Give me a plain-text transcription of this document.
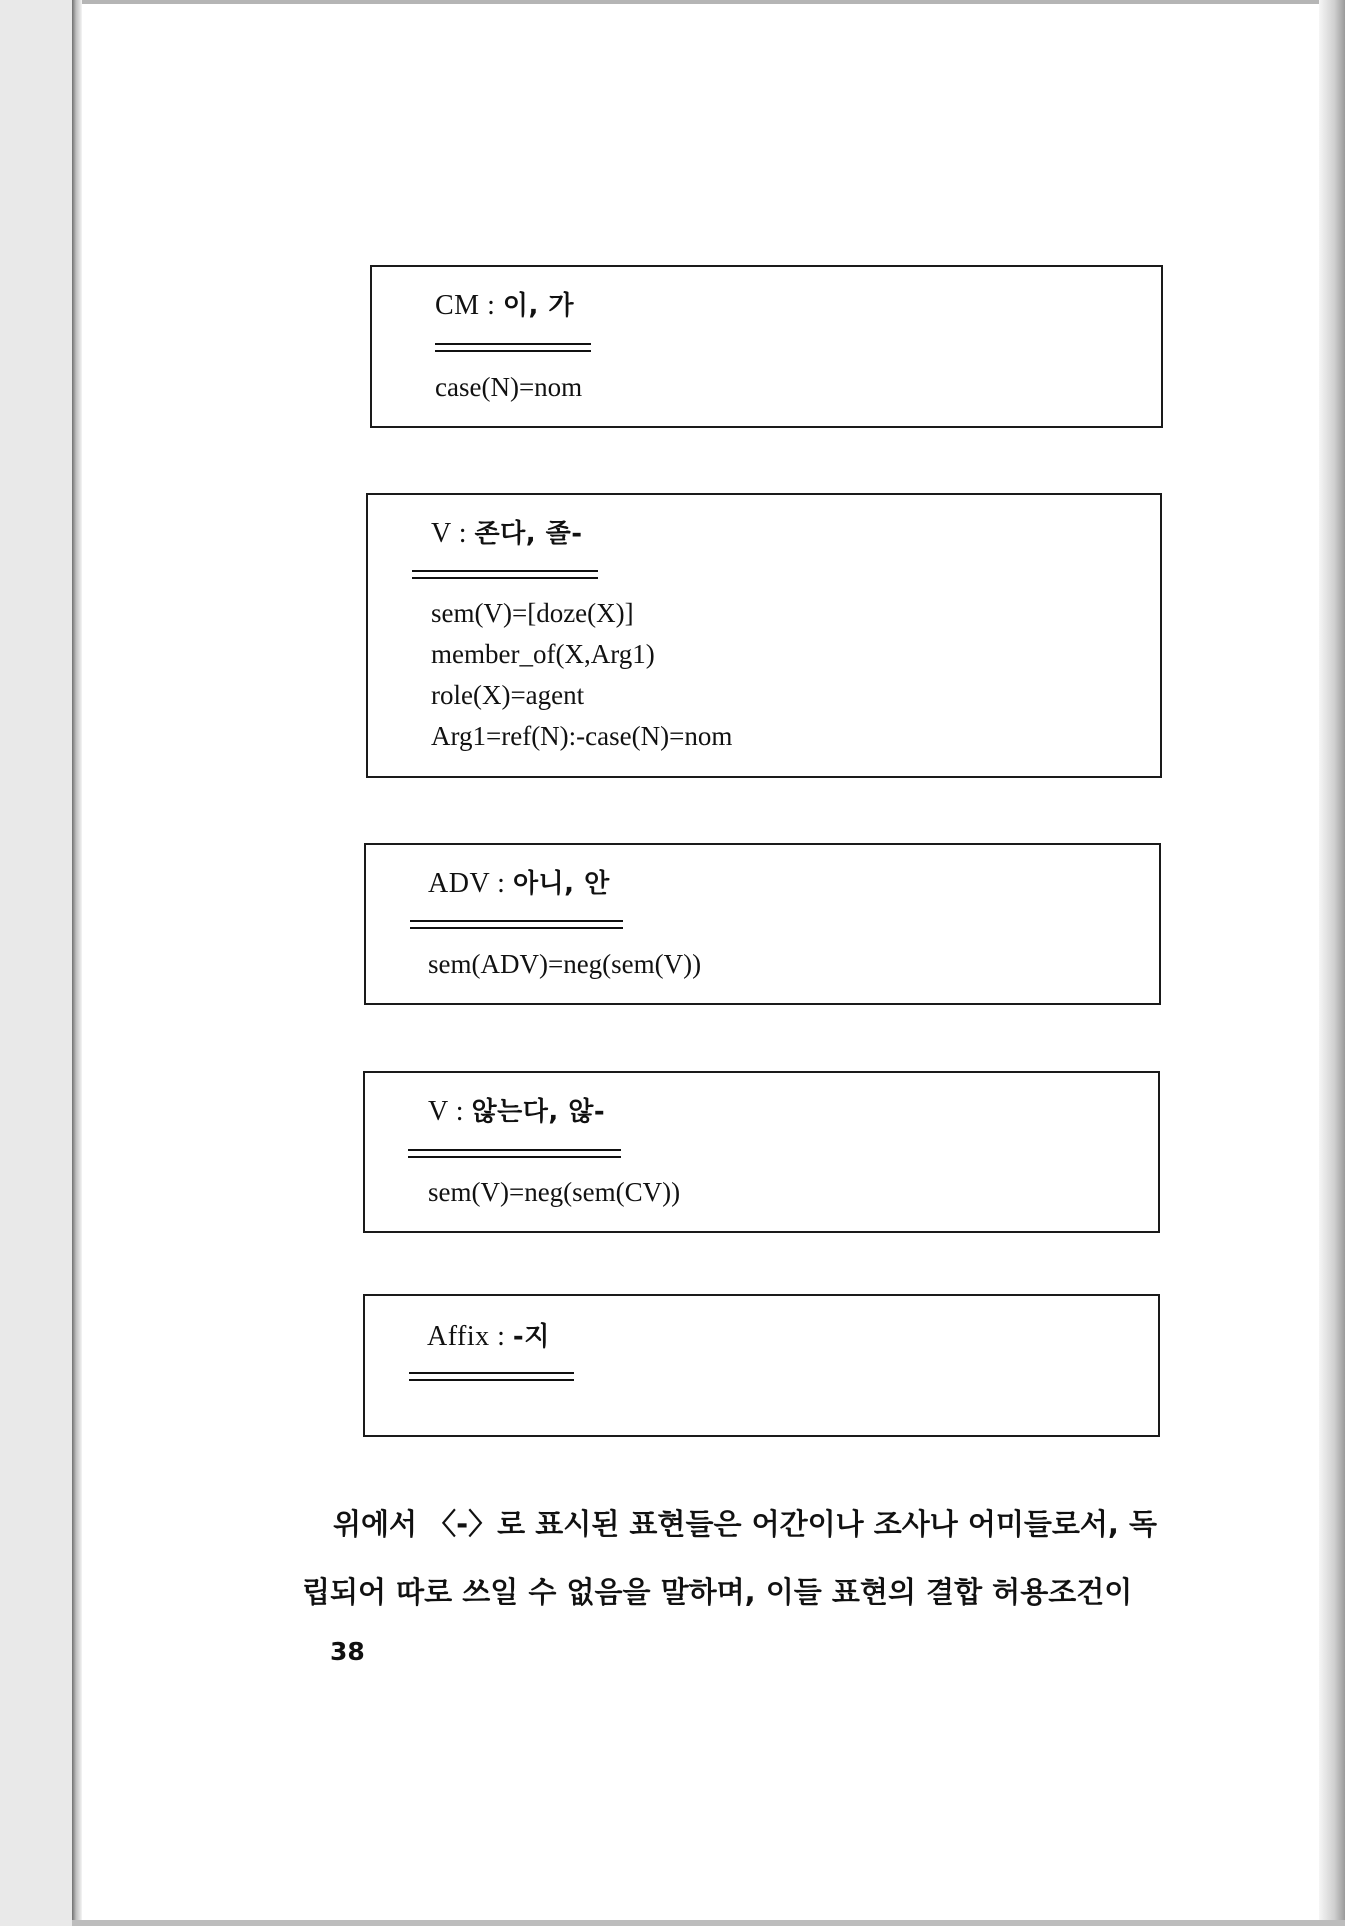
CM : 이, 가
case(N)=nom
V : 존다, 졸-
sem(V)=[doze(X)]
member_of(X,Arg1)
role(X)=agent
Arg1=ref(N):-case(N)=nom
ADV : 아니, 안
sem(ADV)=neg(sem(V))
V : 않는다, 않-
sem(V)=neg(sem(CV))
Affix : -지
위에서 〈-〉로 표시된 표현들은 어간이나 조사나 어미들로서, 독
립되어 따로 쓰일 수 없음을 말하며, 이들 표현의 결합 허용조건이
38
